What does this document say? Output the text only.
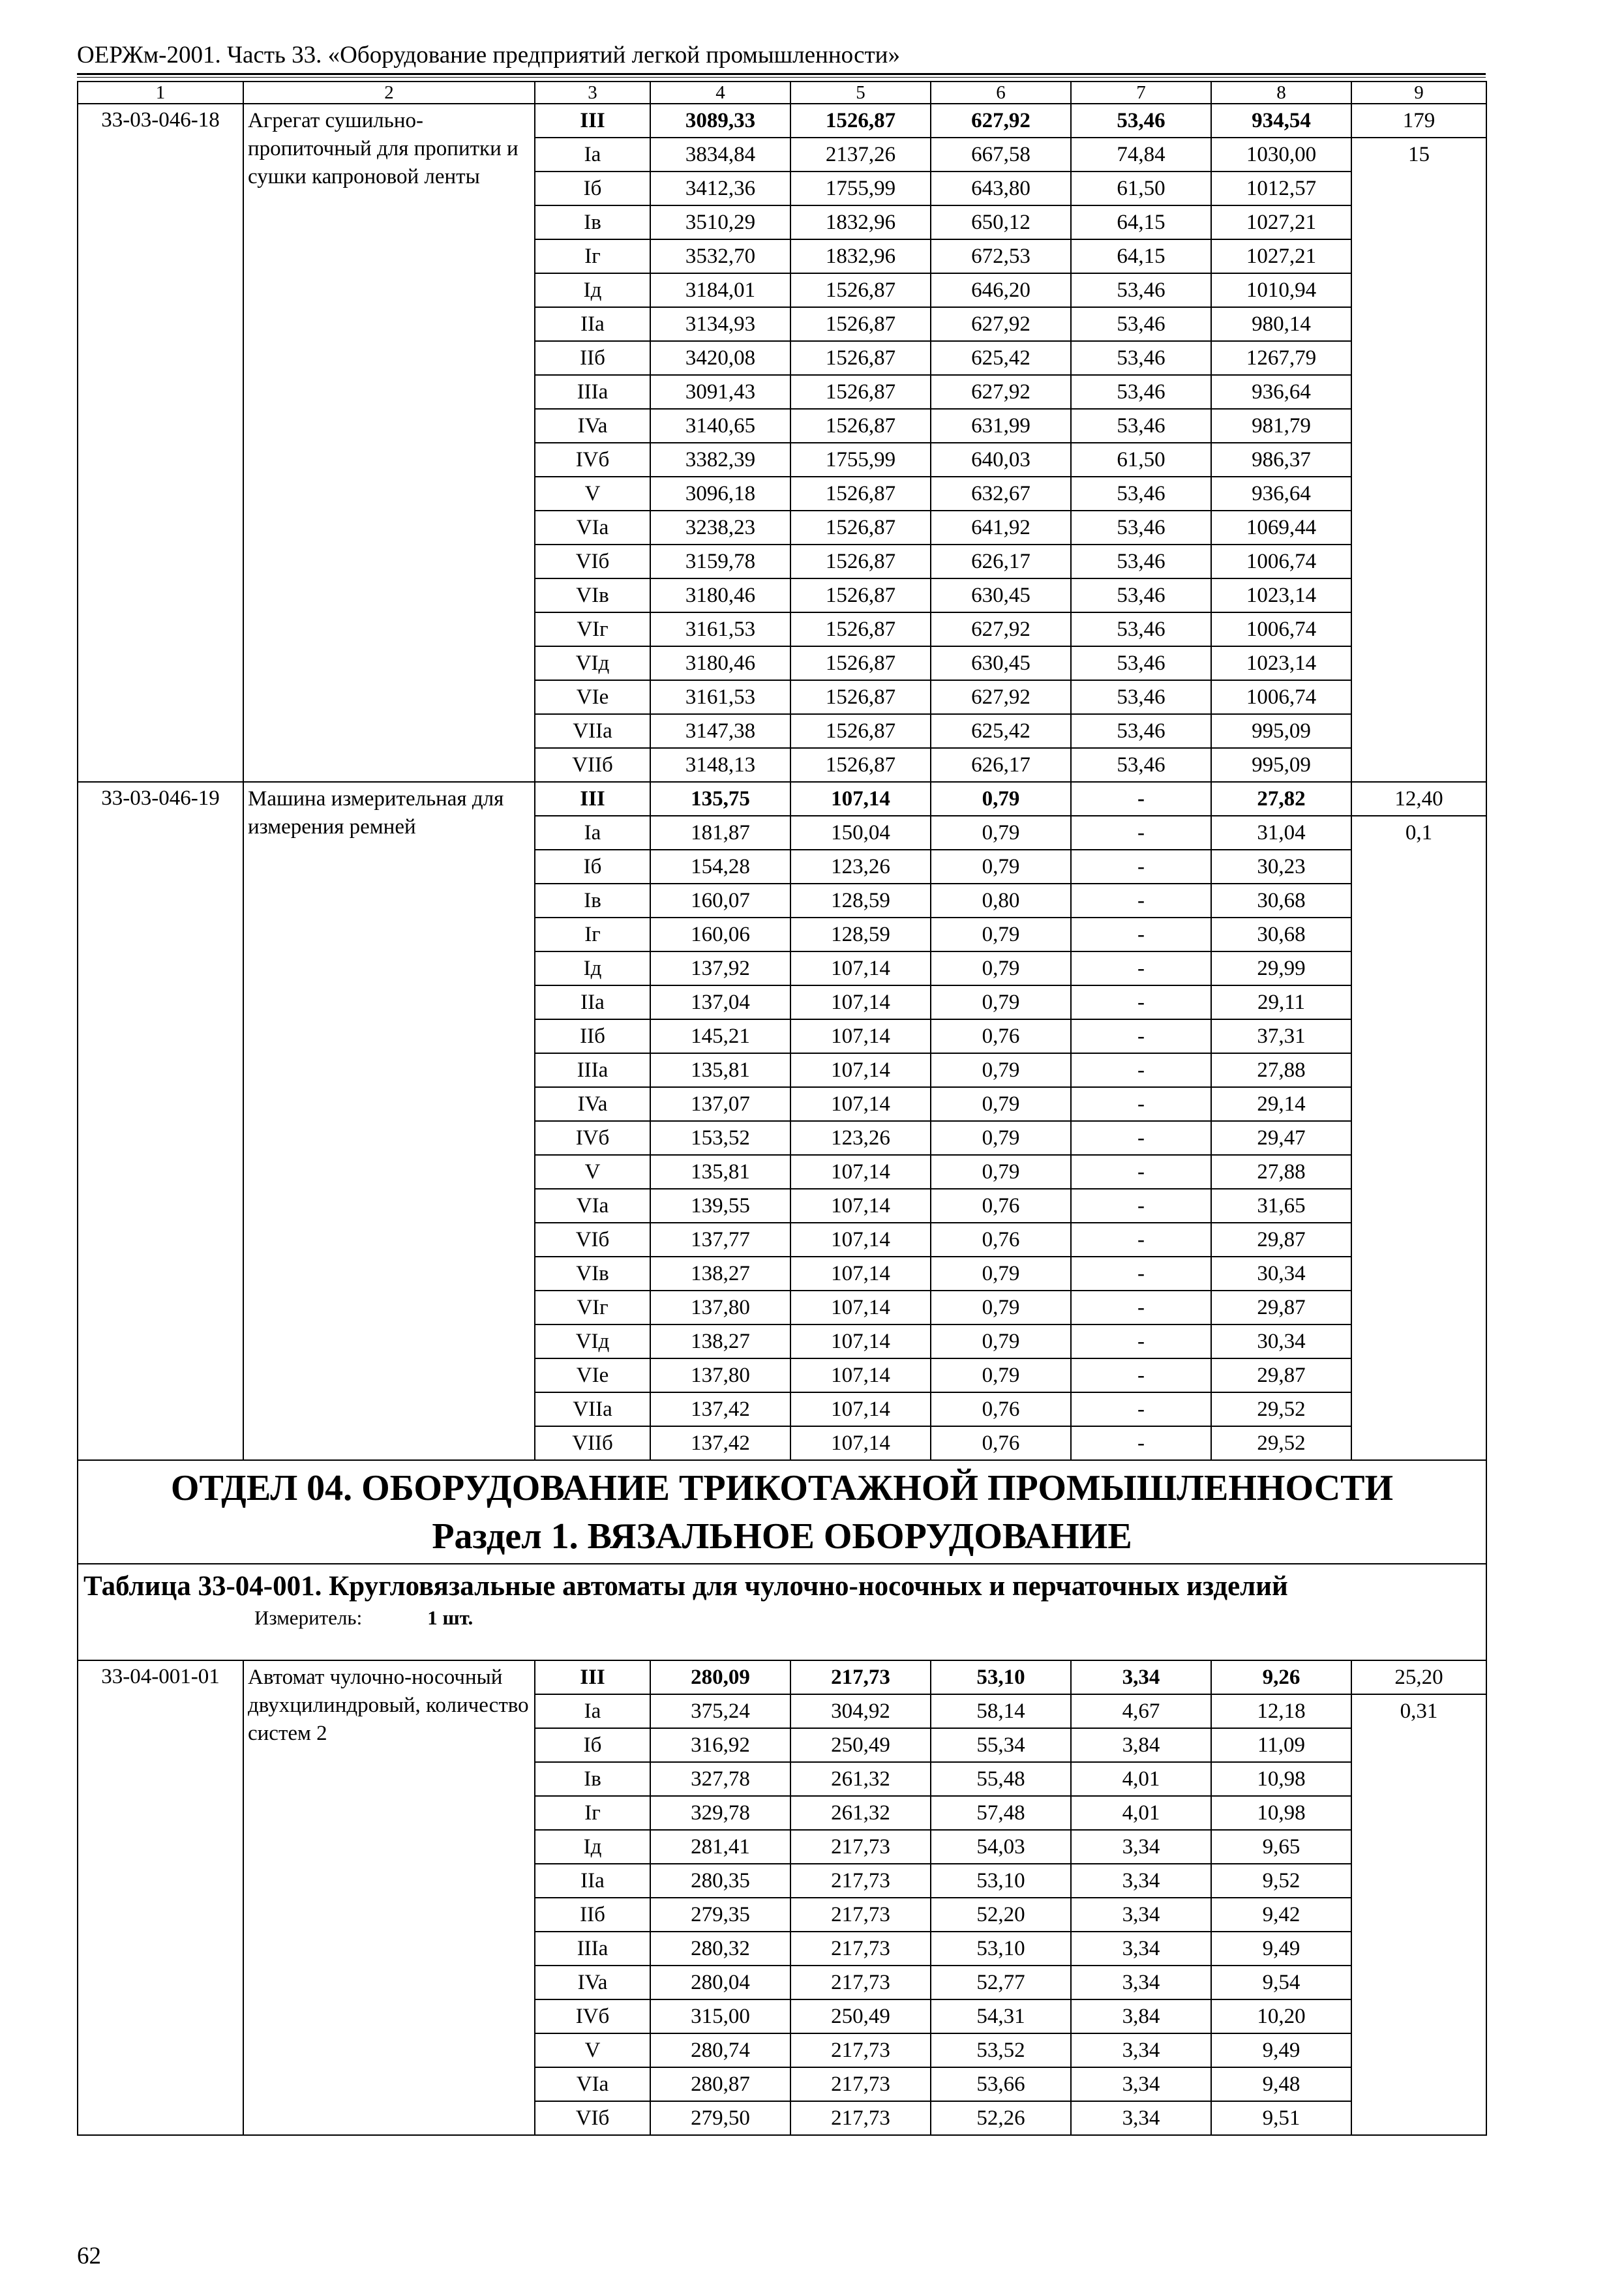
ОЕРЖм-2001. Часть 33. «Оборудование предприятий легкой промышленности»
1	2	3	4	5	6	7	8	9
33-03-046-18	Агрегат сушильно-пропиточный для пропитки и сушки капроновой ленты	III	3089,33	1526,87	627,92	53,46	934,54	179
		Ia	3834,84	2137,26	667,58	74,84	1030,00	15
		Iб	3412,36	1755,99	643,80	61,50	1012,57	
		Iв	3510,29	1832,96	650,12	64,15	1027,21	
		Iг	3532,70	1832,96	672,53	64,15	1027,21	
		Iд	3184,01	1526,87	646,20	53,46	1010,94	
		IIa	3134,93	1526,87	627,92	53,46	980,14	
		IIб	3420,08	1526,87	625,42	53,46	1267,79	
		IIIa	3091,43	1526,87	627,92	53,46	936,64	
		IVa	3140,65	1526,87	631,99	53,46	981,79	
		IVб	3382,39	1755,99	640,03	61,50	986,37	
		V	3096,18	1526,87	632,67	53,46	936,64	
		VIa	3238,23	1526,87	641,92	53,46	1069,44	
		VIб	3159,78	1526,87	626,17	53,46	1006,74	
		VIв	3180,46	1526,87	630,45	53,46	1023,14	
		VIг	3161,53	1526,87	627,92	53,46	1006,74	
		VIд	3180,46	1526,87	630,45	53,46	1023,14	
		VIe	3161,53	1526,87	627,92	53,46	1006,74	
		VIIa	3147,38	1526,87	625,42	53,46	995,09	
		VIIб	3148,13	1526,87	626,17	53,46	995,09	
33-03-046-19	Машина измерительная для измерения ремней	III	135,75	107,14	0,79	-	27,82	12,40
		Ia	181,87	150,04	0,79	-	31,04	0,1
		Iб	154,28	123,26	0,79	-	30,23	
		Iв	160,07	128,59	0,80	-	30,68	
		Iг	160,06	128,59	0,79	-	30,68	
		Iд	137,92	107,14	0,79	-	29,99	
		IIa	137,04	107,14	0,79	-	29,11	
		IIб	145,21	107,14	0,76	-	37,31	
		IIIa	135,81	107,14	0,79	-	27,88	
		IVa	137,07	107,14	0,79	-	29,14	
		IVб	153,52	123,26	0,79	-	29,47	
		V	135,81	107,14	0,79	-	27,88	
		VIa	139,55	107,14	0,76	-	31,65	
		VIб	137,77	107,14	0,76	-	29,87	
		VIв	138,27	107,14	0,79	-	30,34	
		VIг	137,80	107,14	0,79	-	29,87	
		VIд	138,27	107,14	0,79	-	30,34	
		VIe	137,80	107,14	0,79	-	29,87	
		VIIa	137,42	107,14	0,76	-	29,52	
		VIIб	137,42	107,14	0,76	-	29,52	

ОТДЕЛ 04. ОБОРУДОВАНИЕ ТРИКОТАЖНОЙ ПРОМЫШЛЕННОСТИ
Раздел 1. ВЯЗАЛЬНОЕ ОБОРУДОВАНИЕ								

Таблица 33-04-001. Кругловязальные автоматы для чулочно-носочных и перчаточных изделий
Измеритель: 1 шт.								

33-04-001-01	Автомат чулочно-носочный двухцилиндровый, количество систем 2	III	280,09	217,73	53,10	3,34	9,26	25,20
		Ia	375,24	304,92	58,14	4,67	12,18	0,31
		Iб	316,92	250,49	55,34	3,84	11,09	
		Iв	327,78	261,32	55,48	4,01	10,98	
		Iг	329,78	261,32	57,48	4,01	10,98	
		Iд	281,41	217,73	54,03	3,34	9,65	
		IIa	280,35	217,73	53,10	3,34	9,52	
		IIб	279,35	217,73	52,20	3,34	9,42	
		IIIa	280,32	217,73	53,10	3,34	9,49	
		IVa	280,04	217,73	52,77	3,34	9,54	
		IVб	315,00	250,49	54,31	3,84	10,20	
		V	280,74	217,73	53,52	3,34	9,49	
		VIa	280,87	217,73	53,66	3,34	9,48	
		VIб	279,50	217,73	52,26	3,34	9,51	
62
